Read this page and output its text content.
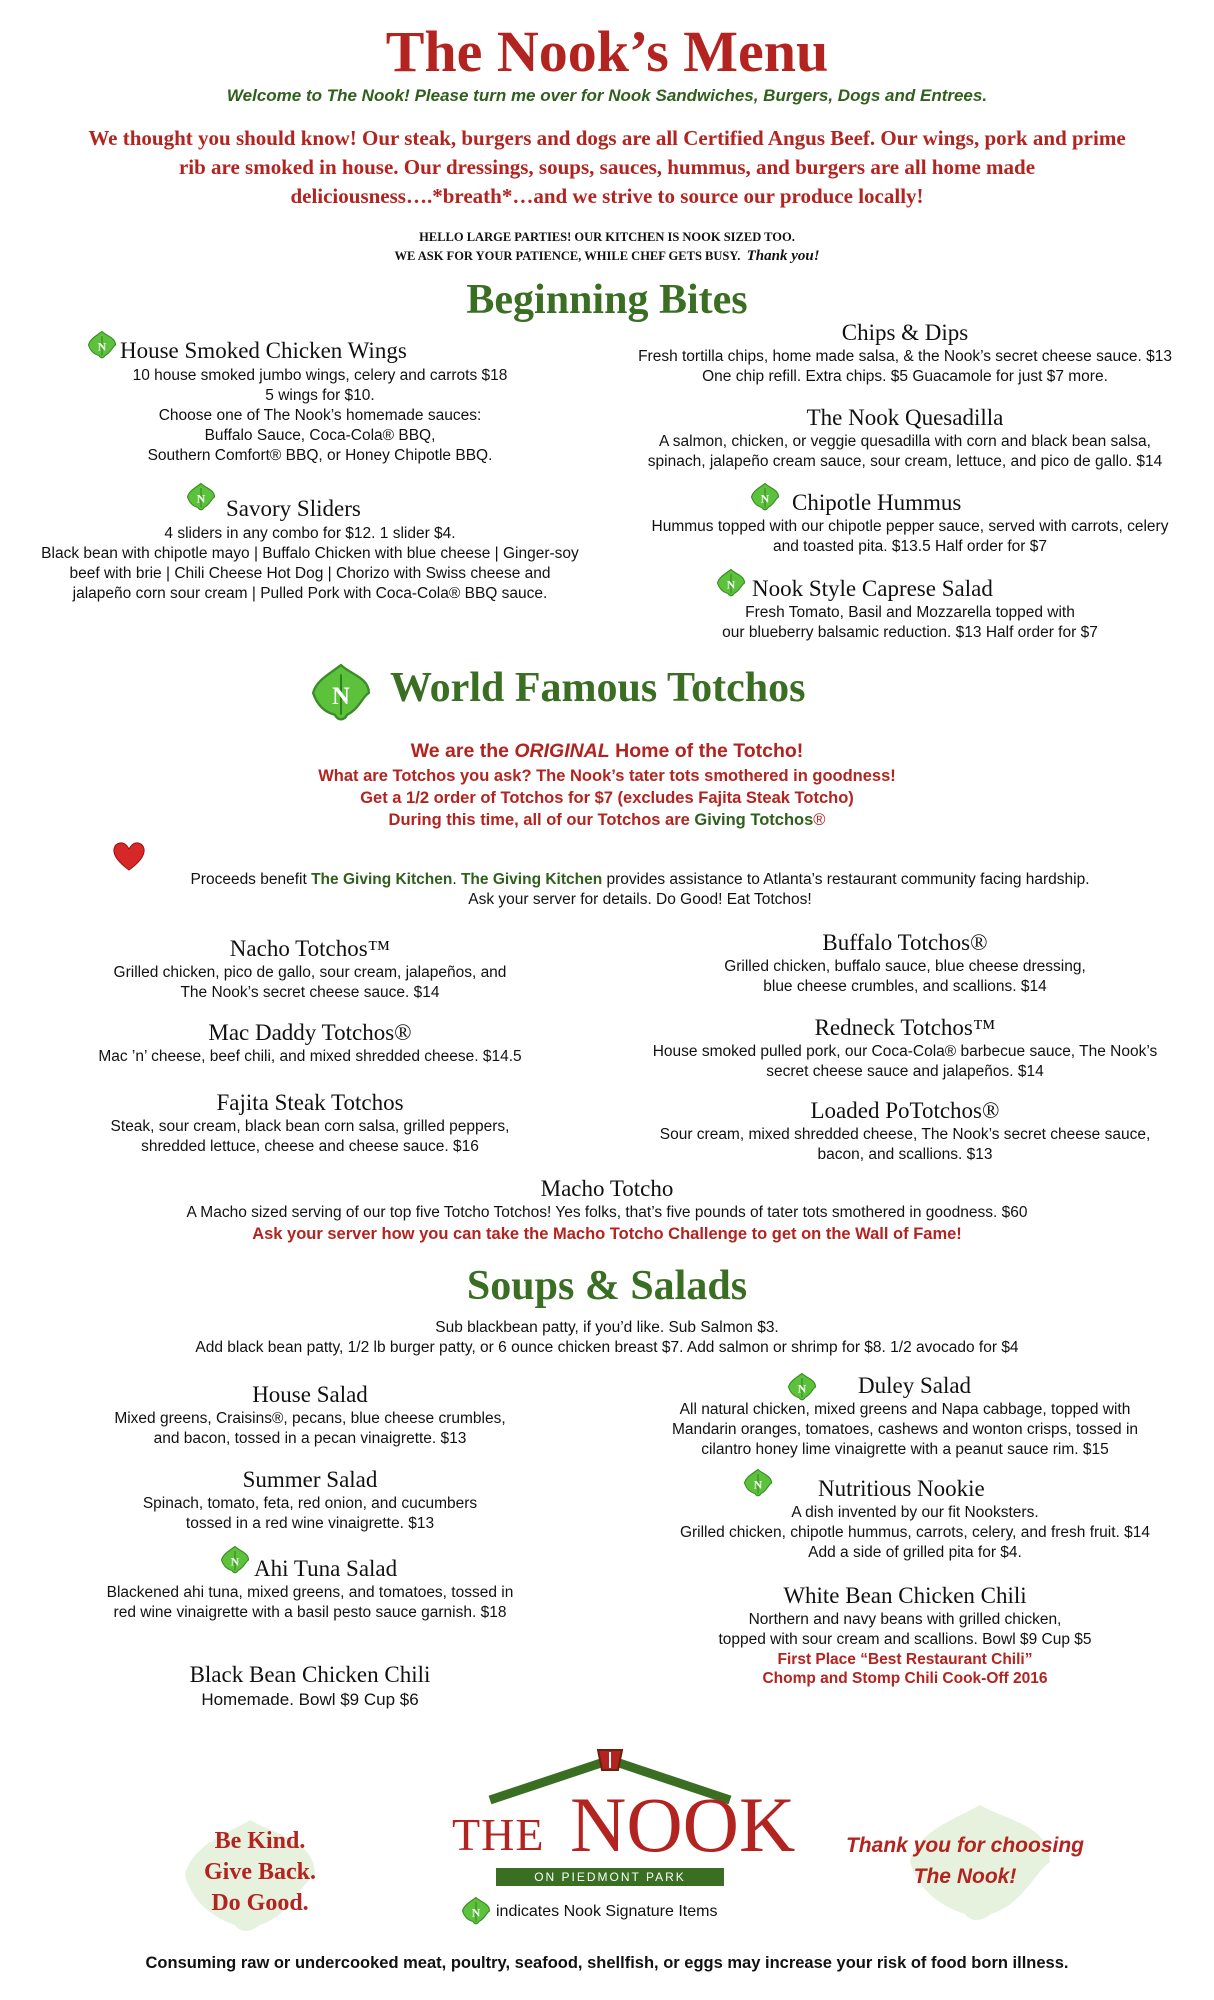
The Nook’s Menu
Welcome to The Nook! Please turn me over for Nook Sandwiches, Burgers, Dogs and Entrees.
We thought you should know! Our steak, burgers and dogs are all Certified Angus Beef. Our wings, pork and prime
rib are smoked in house. Our dressings, soups, sauces, hummus, and burgers are all home made
deliciousness….*breath*…and we strive to source our produce locally!
HELLO LARGE PARTIES! OUR KITCHEN IS NOOK SIZED TOO.
WE ASK FOR YOUR PATIENCE, WHILE CHEF GETS BUSY. Thank you!
Beginning Bites
House Smoked Chicken Wings
10 house smoked jumbo wings, celery and carrots $18
5 wings for $10.
Choose one of The Nook’s homemade sauces:
Buffalo Sauce, Coca-Cola® BBQ,
Southern Comfort® BBQ, or Honey Chipotle BBQ.
Savory Sliders
4 sliders in any combo for $12. 1 slider $4.
Black bean with chipotle mayo | Buffalo Chicken with blue cheese | Ginger-soy
beef with brie | Chili Cheese Hot Dog | Chorizo with Swiss cheese and
jalapeño corn sour cream | Pulled Pork with Coca-Cola® BBQ sauce.
Chips & Dips
Fresh tortilla chips, home made salsa, & the Nook’s secret cheese sauce. $13
One chip refill. Extra chips. $5 Guacamole for just $7 more.
The Nook Quesadilla
A salmon, chicken, or veggie quesadilla with corn and black bean salsa,
spinach, jalapeño cream sauce, sour cream, lettuce, and pico de gallo. $14
Chipotle Hummus
Hummus topped with our chipotle pepper sauce, served with carrots, celery
and toasted pita. $13.5 Half order for $7
Nook Style Caprese Salad
Fresh Tomato, Basil and Mozzarella topped with
our blueberry balsamic reduction. $13 Half order for $7
World Famous Totchos
We are the ORIGINAL Home of the Totcho!
What are Totchos you ask? The Nook’s tater tots smothered in goodness!
Get a 1/2 order of Totchos for $7 (excludes Fajita Steak Totcho)
During this time, all of our Totchos are Giving Totchos®
Proceeds benefit The Giving Kitchen. The Giving Kitchen provides assistance to Atlanta’s restaurant community facing hardship.
Ask your server for details. Do Good! Eat Totchos!
Nacho Totchos™
Grilled chicken, pico de gallo, sour cream, jalapeños, and
The Nook’s secret cheese sauce. $14
Mac Daddy Totchos®
Mac ’n’ cheese, beef chili, and mixed shredded cheese. $14.5
Fajita Steak Totchos
Steak, sour cream, black bean corn salsa, grilled peppers,
shredded lettuce, cheese and cheese sauce. $16
Buffalo Totchos®
Grilled chicken, buffalo sauce, blue cheese dressing,
blue cheese crumbles, and scallions. $14
Redneck Totchos™
House smoked pulled pork, our Coca-Cola® barbecue sauce, The Nook’s
secret cheese sauce and jalapeños. $14
Loaded PoTotchos®
Sour cream, mixed shredded cheese, The Nook’s secret cheese sauce,
bacon, and scallions. $13
Macho Totcho
A Macho sized serving of our top five Totcho Totchos! Yes folks, that’s five pounds of tater tots smothered in goodness. $60
Ask your server how you can take the Macho Totcho Challenge to get on the Wall of Fame!
Soups & Salads
Sub blackbean patty, if you’d like. Sub Salmon $3.
Add black bean patty, 1/2 lb burger patty, or 6 ounce chicken breast $7. Add salmon or shrimp for $8. 1/2 avocado for $4
House Salad
Mixed greens, Craisins®, pecans, blue cheese crumbles,
and bacon, tossed in a pecan vinaigrette. $13
Summer Salad
Spinach, tomato, feta, red onion, and cucumbers
tossed in a red wine vinaigrette. $13
Ahi Tuna Salad
Blackened ahi tuna, mixed greens, and tomatoes, tossed in
red wine vinaigrette with a basil pesto sauce garnish. $18
Black Bean Chicken Chili
Homemade. Bowl $9 Cup $6
Duley Salad
All natural chicken, mixed greens and Napa cabbage, topped with
Mandarin oranges, tomatoes, cashews and wonton crisps, tossed in
cilantro honey lime vinaigrette with a peanut sauce rim. $15
Nutritious Nookie
A dish invented by our fit Nooksters.
Grilled chicken, chipotle hummus, carrots, celery, and fresh fruit. $14
Add a side of grilled pita for $4.
White Bean Chicken Chili
Northern and navy beans with grilled chicken,
topped with sour cream and scallions. Bowl $9 Cup $5
First Place “Best Restaurant Chili”
Chomp and Stomp Chili Cook-Off 2016
Be Kind.
Give Back.
Do Good.
THE NOOK
ON PIEDMONT PARK
indicates Nook Signature Items
Thank you for choosing
The Nook!
Consuming raw or undercooked meat, poultry, seafood, shellfish, or eggs may increase your risk of food born illness.
